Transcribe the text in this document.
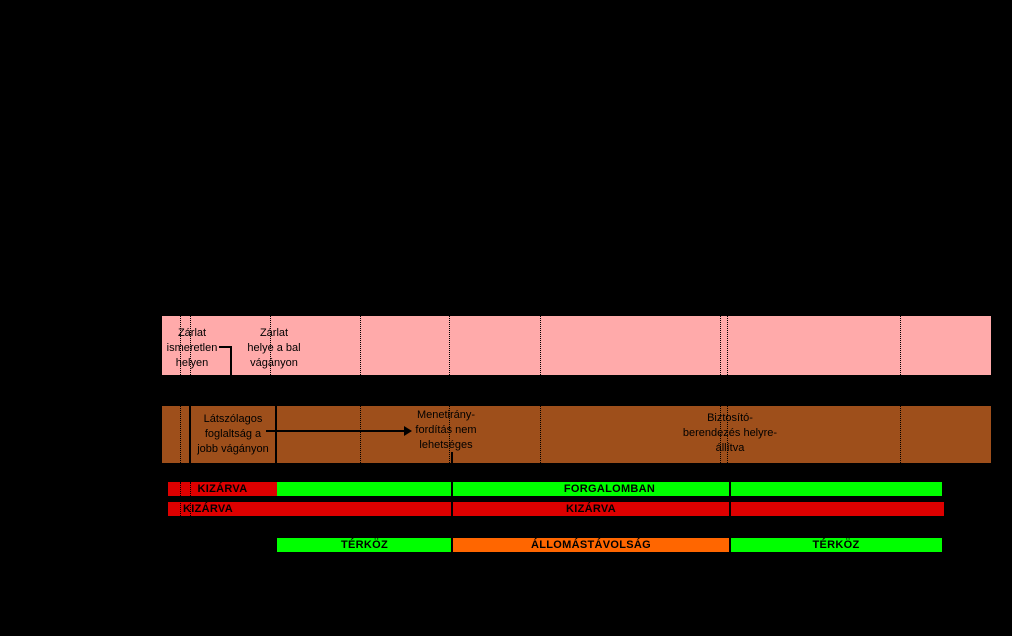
Zárlat
ismeretlen
helyen
Zárlat
helye a bal
vágányon
Látszólagos
foglaltság a
jobb vágányon
Menetirány-
fordítás nem
lehetséges
Biztosító-
berendezés helyre-
állítva
KIZÁRVA	FORGALOMBAN
KIZÁRVA	KIZÁRVA
TÉRKÖZ	ÁLLOMÁSTÁVOLSÁG	TÉRKÖZ
